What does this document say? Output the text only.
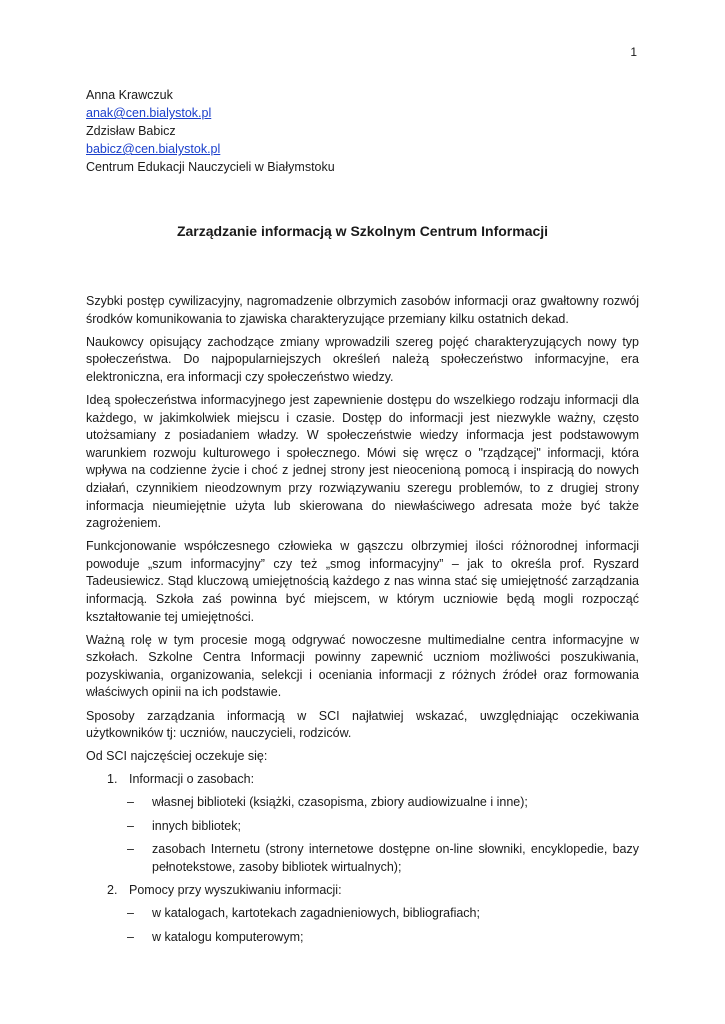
1
Anna Krawczuk
anak@cen.bialystok.pl
Zdzisław Babicz
babicz@cen.bialystok.pl
Centrum Edukacji Nauczycieli w Białymstoku
Zarządzanie informacją w Szkolnym Centrum Informacji

Szybki postęp cywilizacyjny, nagromadzenie olbrzymich zasobów informacji oraz gwałtowny rozwój środków komunikowania to zjawiska charakteryzujące przemiany kilku ostatnich dekad.

Naukowcy opisujący zachodzące zmiany wprowadzili szereg pojęć charakteryzujących nowy typ społeczeństwa. Do najpopularniejszych określeń należą społeczeństwo informacyjne, era elektroniczna, era informacji czy społeczeństwo wiedzy.

Ideą społeczeństwa informacyjnego jest zapewnienie dostępu do wszelkiego rodzaju informacji dla każdego, w jakimkolwiek miejscu i czasie. Dostęp do informacji jest niezwykle ważny, często utożsamiany z posiadaniem władzy. W społeczeństwie wiedzy informacja jest podstawowym warunkiem rozwoju kulturowego i społecznego. Mówi się wręcz o "rządzącej" informacji, która wpływa na codzienne życie i choć z jednej strony jest nieocenioną pomocą i inspiracją do nowych działań, czynnikiem nieodzownym przy rozwiązywaniu szeregu problemów, to z drugiej strony informacja nieumiejętnie użyta lub skierowana do niewłaściwego adresata może być także zagrożeniem.

Funkcjonowanie współczesnego człowieka w gąszczu olbrzymiej ilości różnorodnej informacji powoduje „szum informacyjny” czy też „smog informacyjny” – jak to określa prof. Ryszard Tadeusiewicz. Stąd kluczową umiejętnością każdego z nas winna stać się umiejętność zarządzania informacją. Szkoła zaś powinna być miejscem, w którym uczniowie będą mogli rozpocząć kształtowanie tej umiejętności.

Ważną rolę w tym procesie mogą odgrywać nowoczesne multimedialne centra informacyjne w szkołach. Szkolne Centra Informacji powinny zapewnić uczniom możliwości poszukiwania, pozyskiwania, organizowania, selekcji i oceniania informacji z różnych źródeł oraz formowania właściwych opinii na ich podstawie.

Sposoby zarządzania informacją w SCI najłatwiej wskazać, uwzględniając oczekiwania użytkowników tj: uczniów, nauczycieli, rodziców.

Od SCI najczęściej oczekuje się:

1. Informacji o zasobach:
–	własnej biblioteki (książki, czasopisma, zbiory audiowizualne i inne);
–	innych bibliotek;
–	zasobach Internetu (strony internetowe dostępne on-line słowniki, encyklopedie, bazy pełnotekstowe, zasoby bibliotek wirtualnych);
2. Pomocy przy wyszukiwaniu informacji:
–	w katalogach, kartotekach zagadnieniowych, bibliografiach;
–	w katalogu komputerowym;
